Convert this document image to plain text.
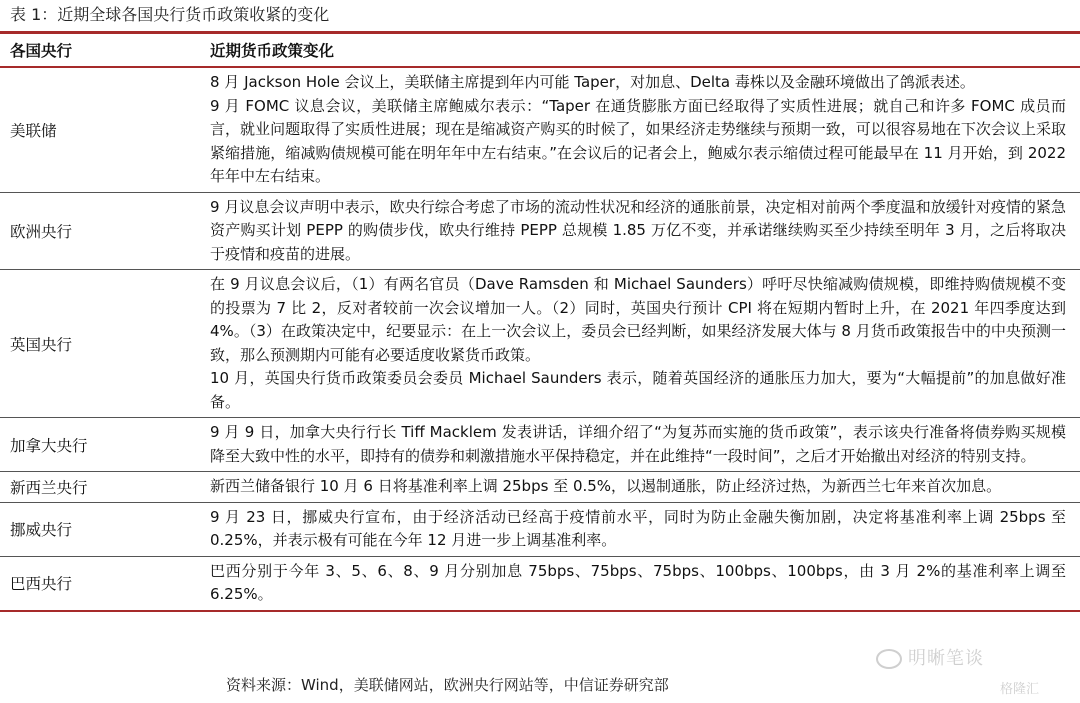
表 1：近期全球各国央行货币政策收紧的变化
各国央行	近期货币政策变化
美联储

8 月 Jackson Hole 会议上，美联储主席提到年内可能 Taper，对加息、Delta 毒株以及金融环境做出了鸽派表述。

9 月 FOMC 议息会议，美联储主席鲍威尔表示：“Taper 在通货膨胀方面已经取得了实质性进展；就自己和许多 FOMC 成员而言，就业问题取得了实质性进展；现在是缩减资产购买的时候了，如果经济走势继续与预期一致，可以很容易地在下次会议上采取紧缩措施，缩减购债规模可能在明年年中左右结束。”在会议后的记者会上，鲍威尔表示缩债过程可能最早在 11 月开始，到 2022 年年中左右结束。

欧洲央行

9 月议息会议声明中表示，欧央行综合考虑了市场的流动性状况和经济的通胀前景，决定相对前两个季度温和放缓针对疫情的紧急资产购买计划 PEPP 的购债步伐，欧央行维持 PEPP 总规模 1.85 万亿不变，并承诺继续购买至少持续至明年 3 月，之后将取决于疫情和疫苗的进展。

英国央行

在 9 月议息会议后，（1）有两名官员（Dave Ramsden 和 Michael Saunders）呼吁尽快缩减购债规模，即维持购债规模不变的投票为 7 比 2，反对者较前一次会议增加一人。（2）同时，英国央行预计 CPI 将在短期内暂时上升，在 2021 年四季度达到 4%。（3）在政策决定中，纪要显示：在上一次会议上，委员会已经判断，如果经济发展大体与 8 月货币政策报告中的中央预测一致，那么预测期内可能有必要适度收紧货币政策。

10 月，英国央行货币政策委员会委员 Michael Saunders 表示，随着英国经济的通胀压力加大，要为“大幅提前”的加息做好准备。

加拿大央行

9 月 9 日，加拿大央行行长 Tiff Macklem 发表讲话，详细介绍了“为复苏而实施的货币政策”，表示该央行准备将债券购买规模降至大致中性的水平，即持有的债券和刺激措施水平保持稳定，并在此维持“一段时间”，之后才开始撤出对经济的特别支持。

新西兰央行	新西兰储备银行 10 月 6 日将基准利率上调 25bps 至 0.5%，以遏制通胀，防止经济过热，为新西兰七年来首次加息。

挪威央行

9 月 23 日，挪威央行宣布，由于经济活动已经高于疫情前水平，同时为防止金融失衡加剧，决定将基准利率上调 25bps 至 0.25%，并表示极有可能在今年 12 月进一步上调基准利率。

巴西央行

巴西分别于今年 3、5、6、8、9 月分别加息 75bps、75bps、75bps、100bps、100bps，由 3 月 2%的基准利率上调至 6.25%。

资料来源：Wind，美联储网站，欧洲央行网站等，中信证券研究部
明晰笔谈
格隆汇
